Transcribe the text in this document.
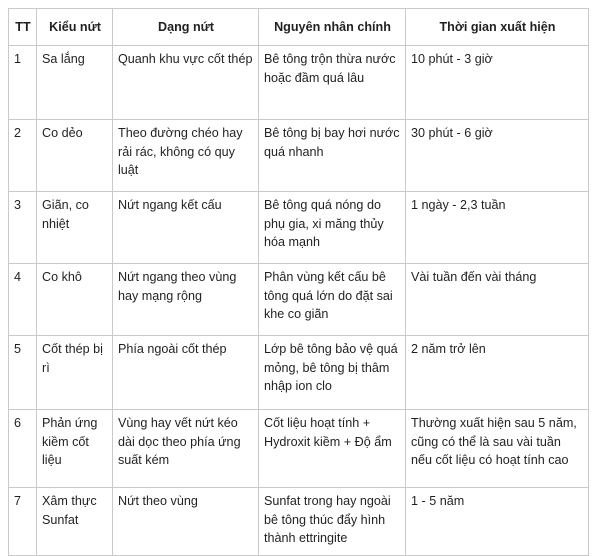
TT	Kiểu nứt	Dạng nứt	Nguyên nhân chính	Thời gian xuất hiện
1	Sa lắng	Quanh khu vực cốt thép	Bê tông trộn thừa nước hoặc đầm quá lâu	10 phút - 3 giờ
2	Co dẻo	Theo đường chéo hay rải rác, không có quy luật	Bê tông bị bay hơi nước quá nhanh	30 phút - 6 giờ
3	Giãn, co nhiệt	Nứt ngang kết cấu	Bê tông quá nóng do phụ gia, xi măng thủy hóa mạnh	1 ngày - 2,3 tuần
4	Co khô	Nứt ngang theo vùng hay mạng rộng	Phân vùng kết cấu bê tông quá lớn do đặt sai khe co giãn	Vài tuần đến vài tháng
5	Cốt thép bị rì	Phía ngoài cốt thép	Lớp bê tông bảo vệ quá mỏng, bê tông bị thâm nhập ion clo	2 năm trở lên
6	Phản ứng kiềm cốt liệu	Vùng hay vết nứt kéo dài dọc theo phía ứng suất kém	Cốt liệu hoạt tính + Hydroxit kiềm + Độ ẩm	Thường xuất hiện sau 5 năm, cũng có thể là sau vài tuần nếu cốt liệu có hoạt tính cao
7	Xâm thực Sunfat	Nứt theo vùng	Sunfat trong hay ngoài bê tông thúc đẩy hình thành ettringite	1 - 5 năm
